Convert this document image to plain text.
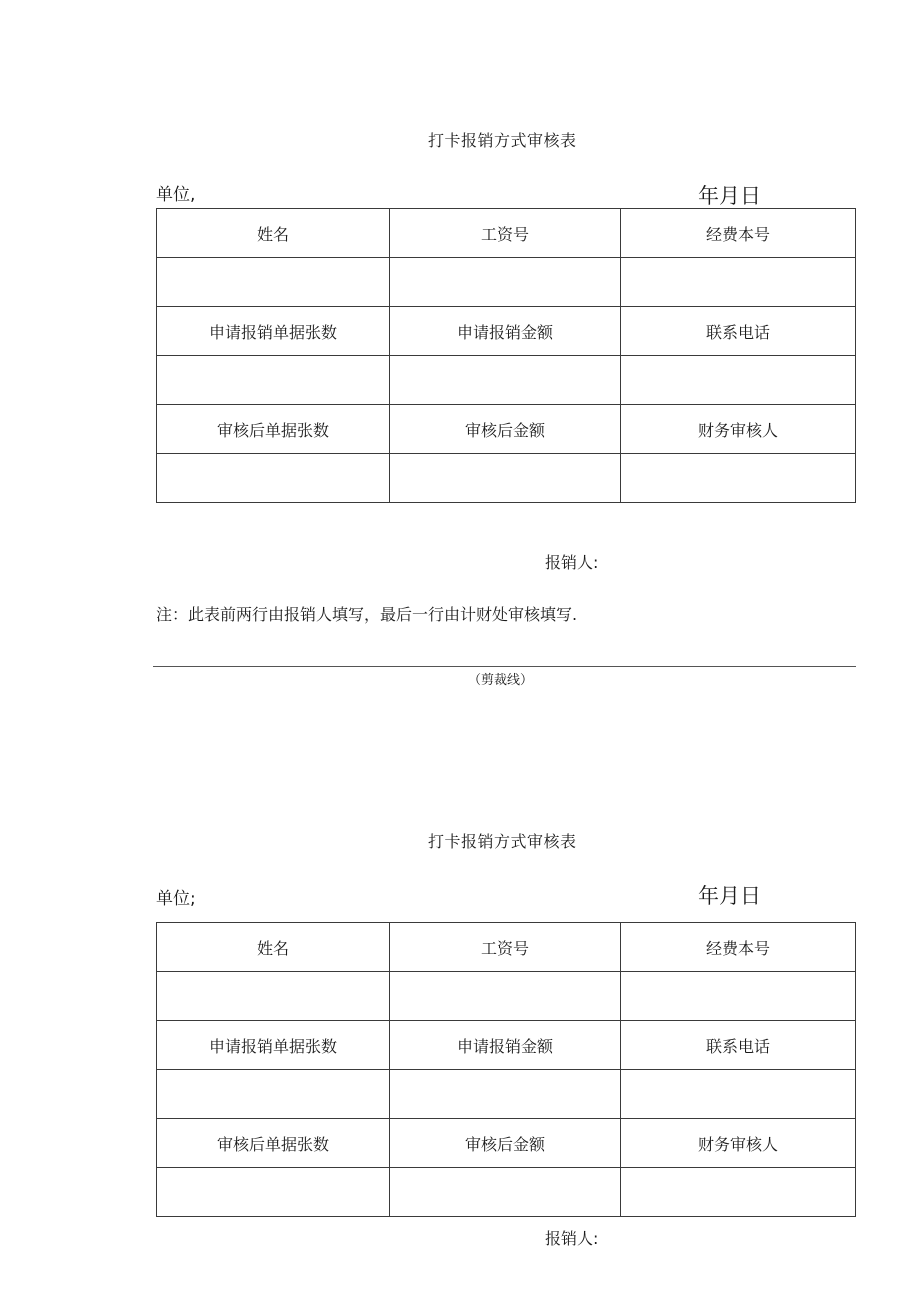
打卡报销方式审核表
单位,	年月日
姓名	工资号	经费本号

申请报销单据张数	申请报销金额	联系电话

审核后单据张数	审核后金额	财务审核人

报销人:
注：此表前两行由报销人填写，最后一行由计财处审核填写.
（剪裁线）
打卡报销方式审核表
单位;	年月日
姓名	工资号	经费本号

申请报销单据张数	申请报销金额	联系电话

审核后单据张数	审核后金额	财务审核人

报销人:
